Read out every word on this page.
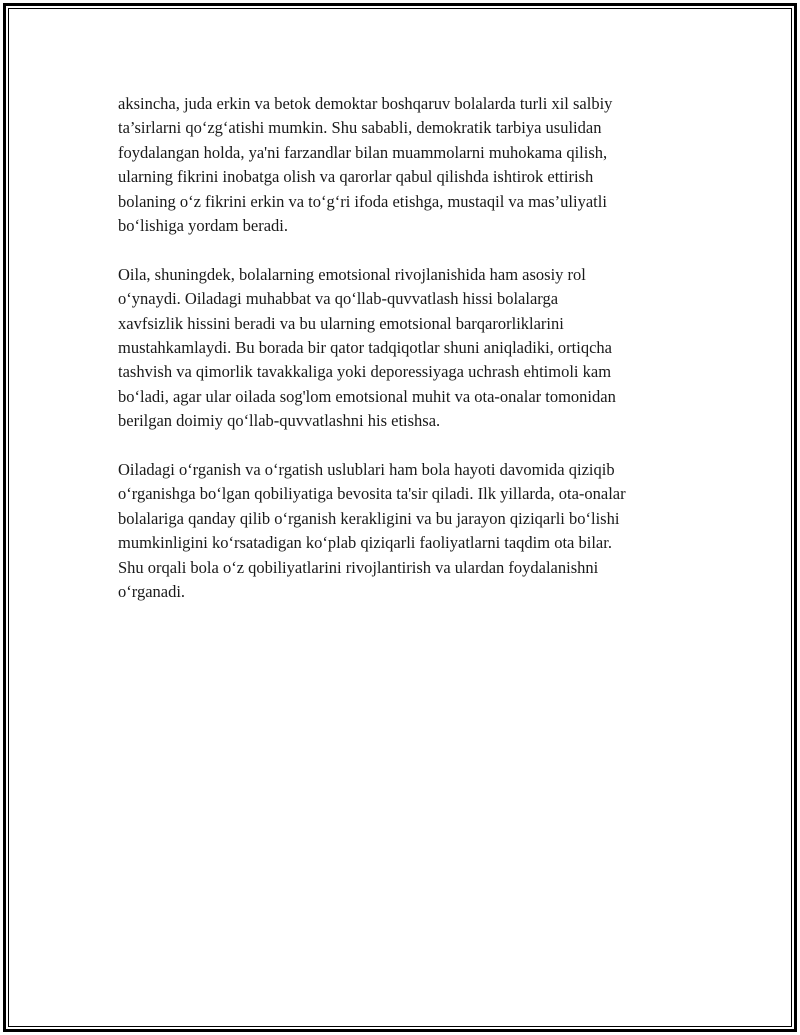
aksincha, juda erkin va betok demoktar boshqaruv bolalarda turli xil salbiy
ta’sirlarni qo‘zg‘atishi mumkin. Shu sababli, demokratik tarbiya usulidan
foydalangan holda, ya'ni farzandlar bilan muammolarni muhokama qilish,
ularning fikrini inobatga olish va qarorlar qabul qilishda ishtirok ettirish
bolaning o‘z fikrini erkin va to‘g‘ri ifoda etishga, mustaqil va mas’uliyatli
bo‘lishiga yordam beradi.

Oila, shuningdek, bolalarning emotsional rivojlanishida ham asosiy rol
o‘ynaydi. Oiladagi muhabbat va qo‘llab-quvvatlash hissi bolalarga
xavfsizlik hissini beradi va bu ularning emotsional barqarorliklarini
mustahkamlaydi. Bu borada bir qator tadqiqotlar shuni aniqladiki, ortiqcha
tashvish va qimorlik tavakkaliga yoki deporessiyaga uchrash ehtimoli kam
bo‘ladi, agar ular oilada sog'lom emotsional muhit va ota-onalar tomonidan
berilgan doimiy qo‘llab-quvvatlashni his etishsa.

Oiladagi o‘rganish va o‘rgatish uslublari ham bola hayoti davomida qiziqib
o‘rganishga bo‘lgan qobiliyatiga bevosita ta'sir qiladi. Ilk yillarda, ota-onalar
bolalariga qanday qilib o‘rganish kerakligini va bu jarayon qiziqarli bo‘lishi
mumkinligini ko‘rsatadigan ko‘plab qiziqarli faoliyatlarni taqdim ota bilar.
Shu orqali bola o‘z qobiliyatlarini rivojlantirish va ulardan foydalanishni
o‘rganadi.
